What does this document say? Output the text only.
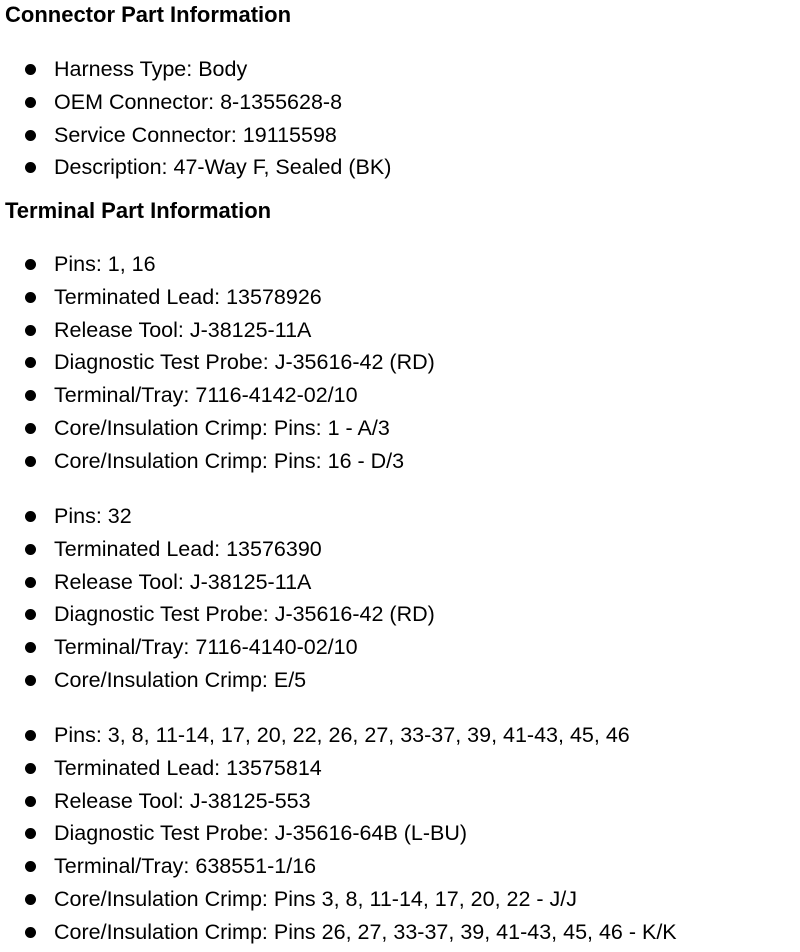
Connector Part Information
Harness Type: Body
OEM Connector: 8-1355628-8
Service Connector: 19115598
Description: 47-Way F, Sealed (BK)
Terminal Part Information
Pins: 1, 16
Terminated Lead: 13578926
Release Tool: J-38125-11A
Diagnostic Test Probe: J-35616-42 (RD)
Terminal/Tray: 7116-4142-02/10
Core/Insulation Crimp: Pins: 1 - A/3
Core/Insulation Crimp: Pins: 16 - D/3
Pins: 32
Terminated Lead: 13576390
Release Tool: J-38125-11A
Diagnostic Test Probe: J-35616-42 (RD)
Terminal/Tray: 7116-4140-02/10
Core/Insulation Crimp: E/5
Pins: 3, 8, 11-14, 17, 20, 22, 26, 27, 33-37, 39, 41-43, 45, 46
Terminated Lead: 13575814
Release Tool: J-38125-553
Diagnostic Test Probe: J-35616-64B (L-BU)
Terminal/Tray: 638551-1/16
Core/Insulation Crimp: Pins 3, 8, 11-14, 17, 20, 22 - J/J
Core/Insulation Crimp: Pins 26, 27, 33-37, 39, 41-43, 45, 46 - K/K
